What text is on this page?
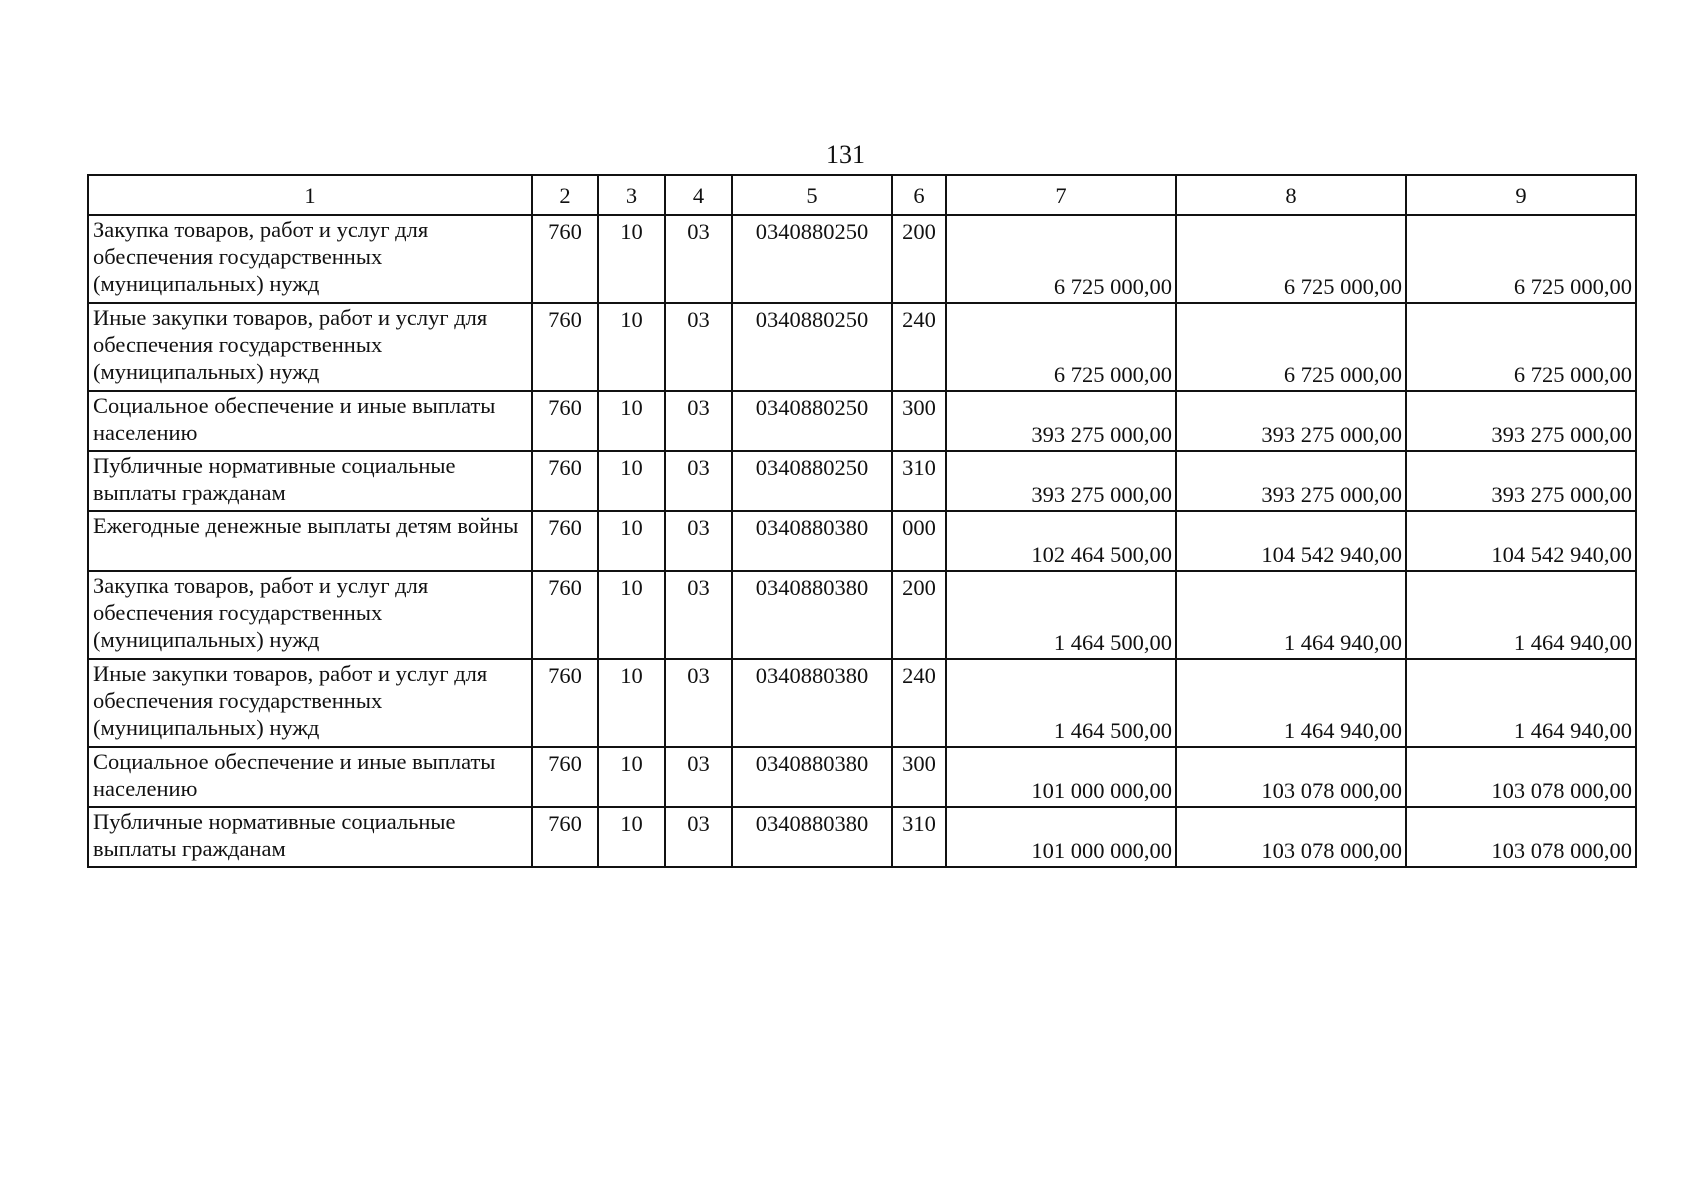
131
1	2	3	4	5	6	7	8	9
Закупка товаров, работ и услуг для обеспечения государственных (муниципальных) нужд	760	10	03	0340880250	200	6 725 000,00	6 725 000,00	6 725 000,00
Иные закупки товаров, работ и услуг для обеспечения государственных (муниципальных) нужд	760	10	03	0340880250	240	6 725 000,00	6 725 000,00	6 725 000,00
Социальное обеспечение и иные выплаты населению	760	10	03	0340880250	300	393 275 000,00	393 275 000,00	393 275 000,00
Публичные нормативные социальные выплаты гражданам	760	10	03	0340880250	310	393 275 000,00	393 275 000,00	393 275 000,00
Ежегодные денежные выплаты детям войны	760	10	03	0340880380	000	102 464 500,00	104 542 940,00	104 542 940,00
Закупка товаров, работ и услуг для обеспечения государственных (муниципальных) нужд	760	10	03	0340880380	200	1 464 500,00	1 464 940,00	1 464 940,00
Иные закупки товаров, работ и услуг для обеспечения государственных (муниципальных) нужд	760	10	03	0340880380	240	1 464 500,00	1 464 940,00	1 464 940,00
Социальное обеспечение и иные выплаты населению	760	10	03	0340880380	300	101 000 000,00	103 078 000,00	103 078 000,00
Публичные нормативные социальные выплаты гражданам	760	10	03	0340880380	310	101 000 000,00	103 078 000,00	103 078 000,00
